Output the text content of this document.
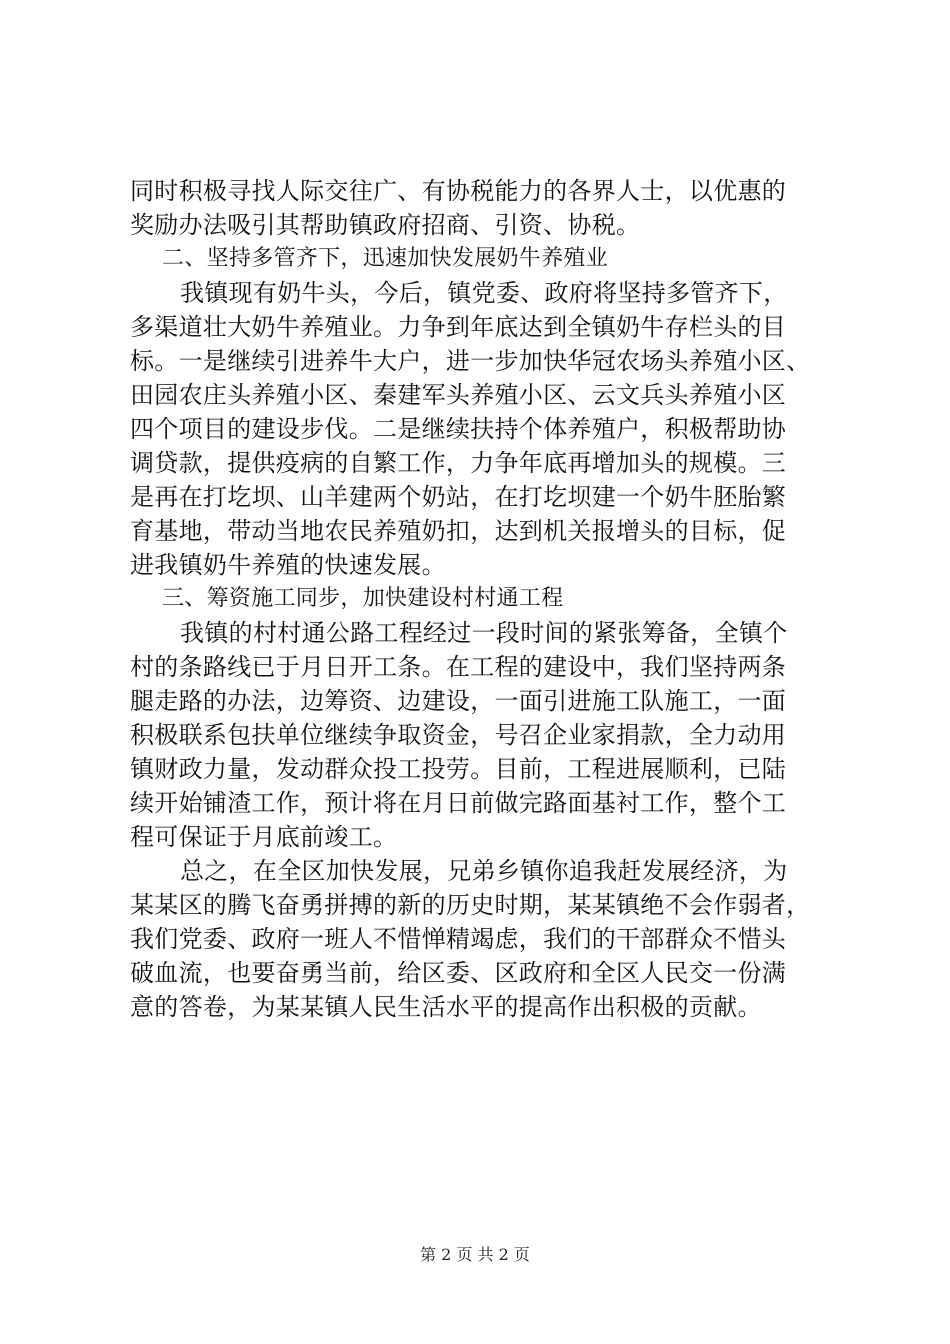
同时积极寻找人际交往广、有协税能力的各界人士，以优惠的
奖励办法吸引其帮助镇政府招商、引资、协税。
二、坚持多管齐下，迅速加快发展奶牛养殖业
我镇现有奶牛头，今后，镇党委、政府将坚持多管齐下，
多渠道壮大奶牛养殖业。力争到年底达到全镇奶牛存栏头的目
标。一是继续引进养牛大户，进一步加快华冠农场头养殖小区、
田园农庄头养殖小区、秦建军头养殖小区、云文兵头养殖小区
四个项目的建设步伐。二是继续扶持个体养殖户，积极帮助协
调贷款，提供疫病的自繁工作，力争年底再增加头的规模。三
是再在打圪坝、山羊建两个奶站，在打圪坝建一个奶牛胚胎繁
育基地，带动当地农民养殖奶扣，达到机关报增头的目标，促
进我镇奶牛养殖的快速发展。
三、筹资施工同步，加快建设村村通工程
我镇的村村通公路工程经过一段时间的紧张筹备，全镇个
村的条路线已于月日开工条。在工程的建设中，我们坚持两条
腿走路的办法，边筹资、边建设，一面引进施工队施工，一面
积极联系包扶单位继续争取资金，号召企业家捐款，全力动用
镇财政力量，发动群众投工投劳。目前，工程进展顺利，已陆
续开始铺渣工作，预计将在月日前做完路面基衬工作，整个工
程可保证于月底前竣工。
总之，在全区加快发展，兄弟乡镇你追我赶发展经济，为
某某区的腾飞奋勇拼搏的新的历史时期，某某镇绝不会作弱者，
我们党委、政府一班人不惜惮精竭虑，我们的干部群众不惜头
破血流，也要奋勇当前，给区委、区政府和全区人民交一份满
意的答卷，为某某镇人民生活水平的提高作出积极的贡献。
第 2 页 共 2 页
